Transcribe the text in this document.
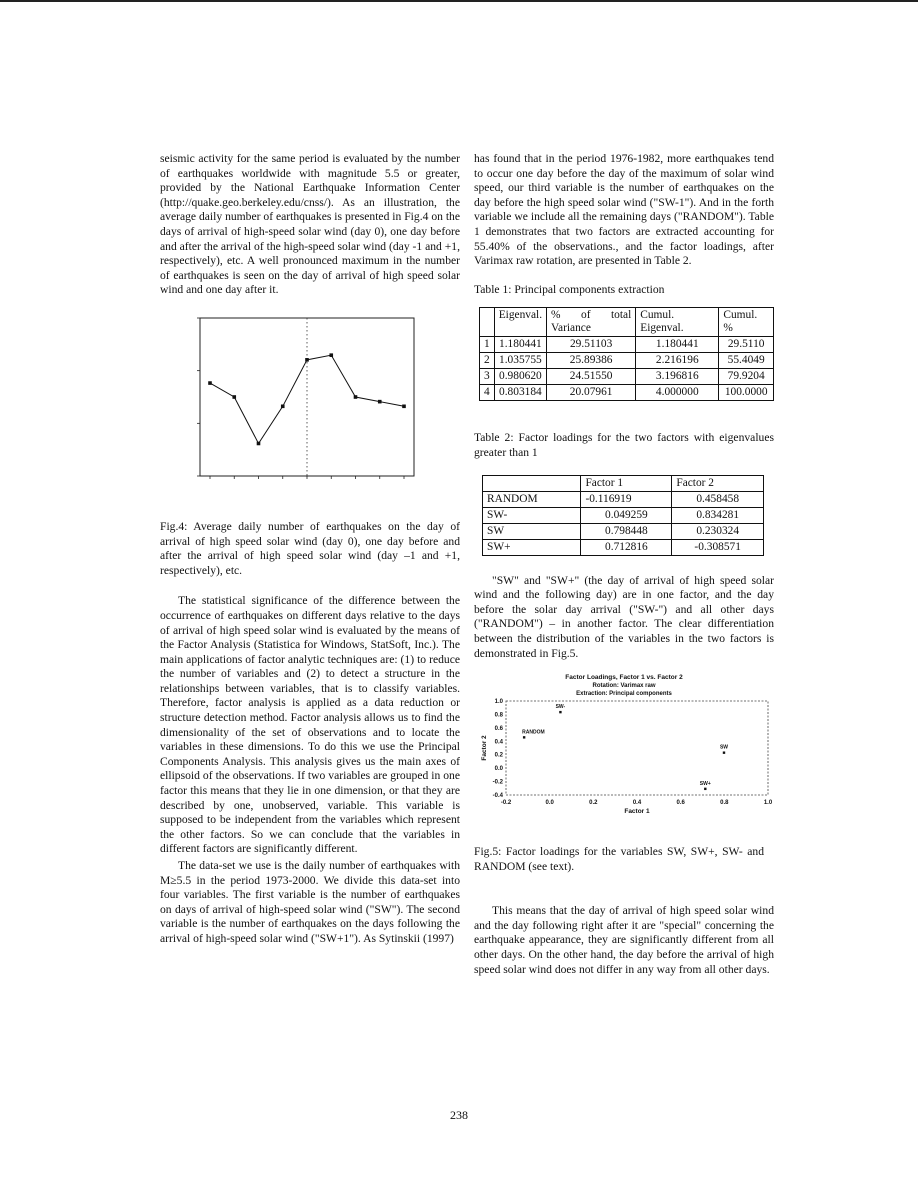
seismic activity for the same period is evaluated by the number of earthquakes worldwide with magnitude 5.5 or greater, provided by the National Earthquake Information Center (http://quake.geo.berkeley.edu/cnss/). As an illustration, the average daily number of earthquakes is presented in Fig.4 on the days of arrival of high-speed solar wind (day 0), one day before and after the arrival of the high-speed solar wind (day -1 and +1, respectively), etc. A well pronounced maximum in the number of earthquakes is seen on the day of arrival of high speed solar wind and one day after it.

Fig.4: Average daily number of earthquakes on the day of arrival of high speed solar wind (day 0), one day before and after the arrival of high speed solar wind (day –1 and +1, respectively), etc.

The statistical significance of the difference between the occurrence of earthquakes on different days relative to the days of arrival of high speed solar wind is evaluated by the means of the Factor Analysis (Statistica for Windows, StatSoft, Inc.). The main applications of factor analytic techniques are: (1) to reduce the number of variables and (2) to detect a structure in the relationships between variables, that is to classify variables. Therefore, factor analysis is applied as a data reduction or structure detection method. Factor analysis allows us to find the dimensionality of the set of observations and to locate the variables in these dimensions. To do this we use the Principal Components Analysis. This analysis gives us the main axes of ellipsoid of the observations. If two variables are grouped in one factor this means that they lie in one dimension, or that they are described by one, unobserved, variable. This variable is supposed to be independent from the variables which represent the other factors. So we can conclude that the variables in different factors are significantly different.

The data-set we use is the daily number of earthquakes with M≥5.5 in the period 1973-2000. We divide this data-set into four variables. The first variable is the number of earthquakes on days of arrival of high-speed solar wind ("SW"). The second variable is the number of earthquakes on the days following the arrival of high-speed solar wind ("SW+1"). As Sytinskii (1997)

has found that in the period 1976-1982, more earthquakes tend to occur one day before the day of the maximum of solar wind speed, our third variable is the number of earthquakes on the day before the high speed solar wind ("SW-1"). And in the forth variable we include all the remaining days ("RANDOM"). Table 1 demonstrates that two factors are extracted accounting for 55.40% of the observations., and the factor loadings, after Varimax raw rotation, are presented in Table 2.

Table 1: Principal components extraction

	Eigenval.	% of total Variance	Cumul. Eigenval.	Cumul. %
1	1.180441	29.51103	1.180441	29.5110
2	1.035755	25.89386	2.216196	55.4049
3	0.980620	24.51550	3.196816	79.9204
4	0.803184	20.07961	4.000000	100.0000

Table 2: Factor loadings for the two factors with eigenvalues greater than 1

	Factor 1	Factor 2
RANDOM	-0.116919	0.458458
SW-	0.049259	0.834281
SW	0.798448	0.230324
SW+	0.712816	-0.308571

"SW" and "SW+" (the day of arrival of high speed solar wind and the following day) are in one factor, and the day before the solar day arrival ("SW-") and all other days ("RANDOM") – in another factor. The clear differentiation between the distribution of the variables in the two factors is demonstrated in Fig.5.

Factor Loadings, Factor 1 vs. Factor 2
Rotation: Varimax raw
Extraction: Principal components
1.0
0.8
0.6
0.4
0.2
0.0
-0.2
-0.4
-0.2	0.0	0.2	0.4	0.6	0.8	1.0
Factor 1
Factor 2
RANDOM
SW-
SW
SW+

Fig.5: Factor loadings for the variables SW, SW+, SW- and RANDOM (see text).

This means that the day of arrival of high speed solar wind and the day following right after it are "special" concerning the earthquake appearance, they are significantly different from all other days. On the other hand, the day before the arrival of high speed solar wind does not differ in any way from all other days.

238
